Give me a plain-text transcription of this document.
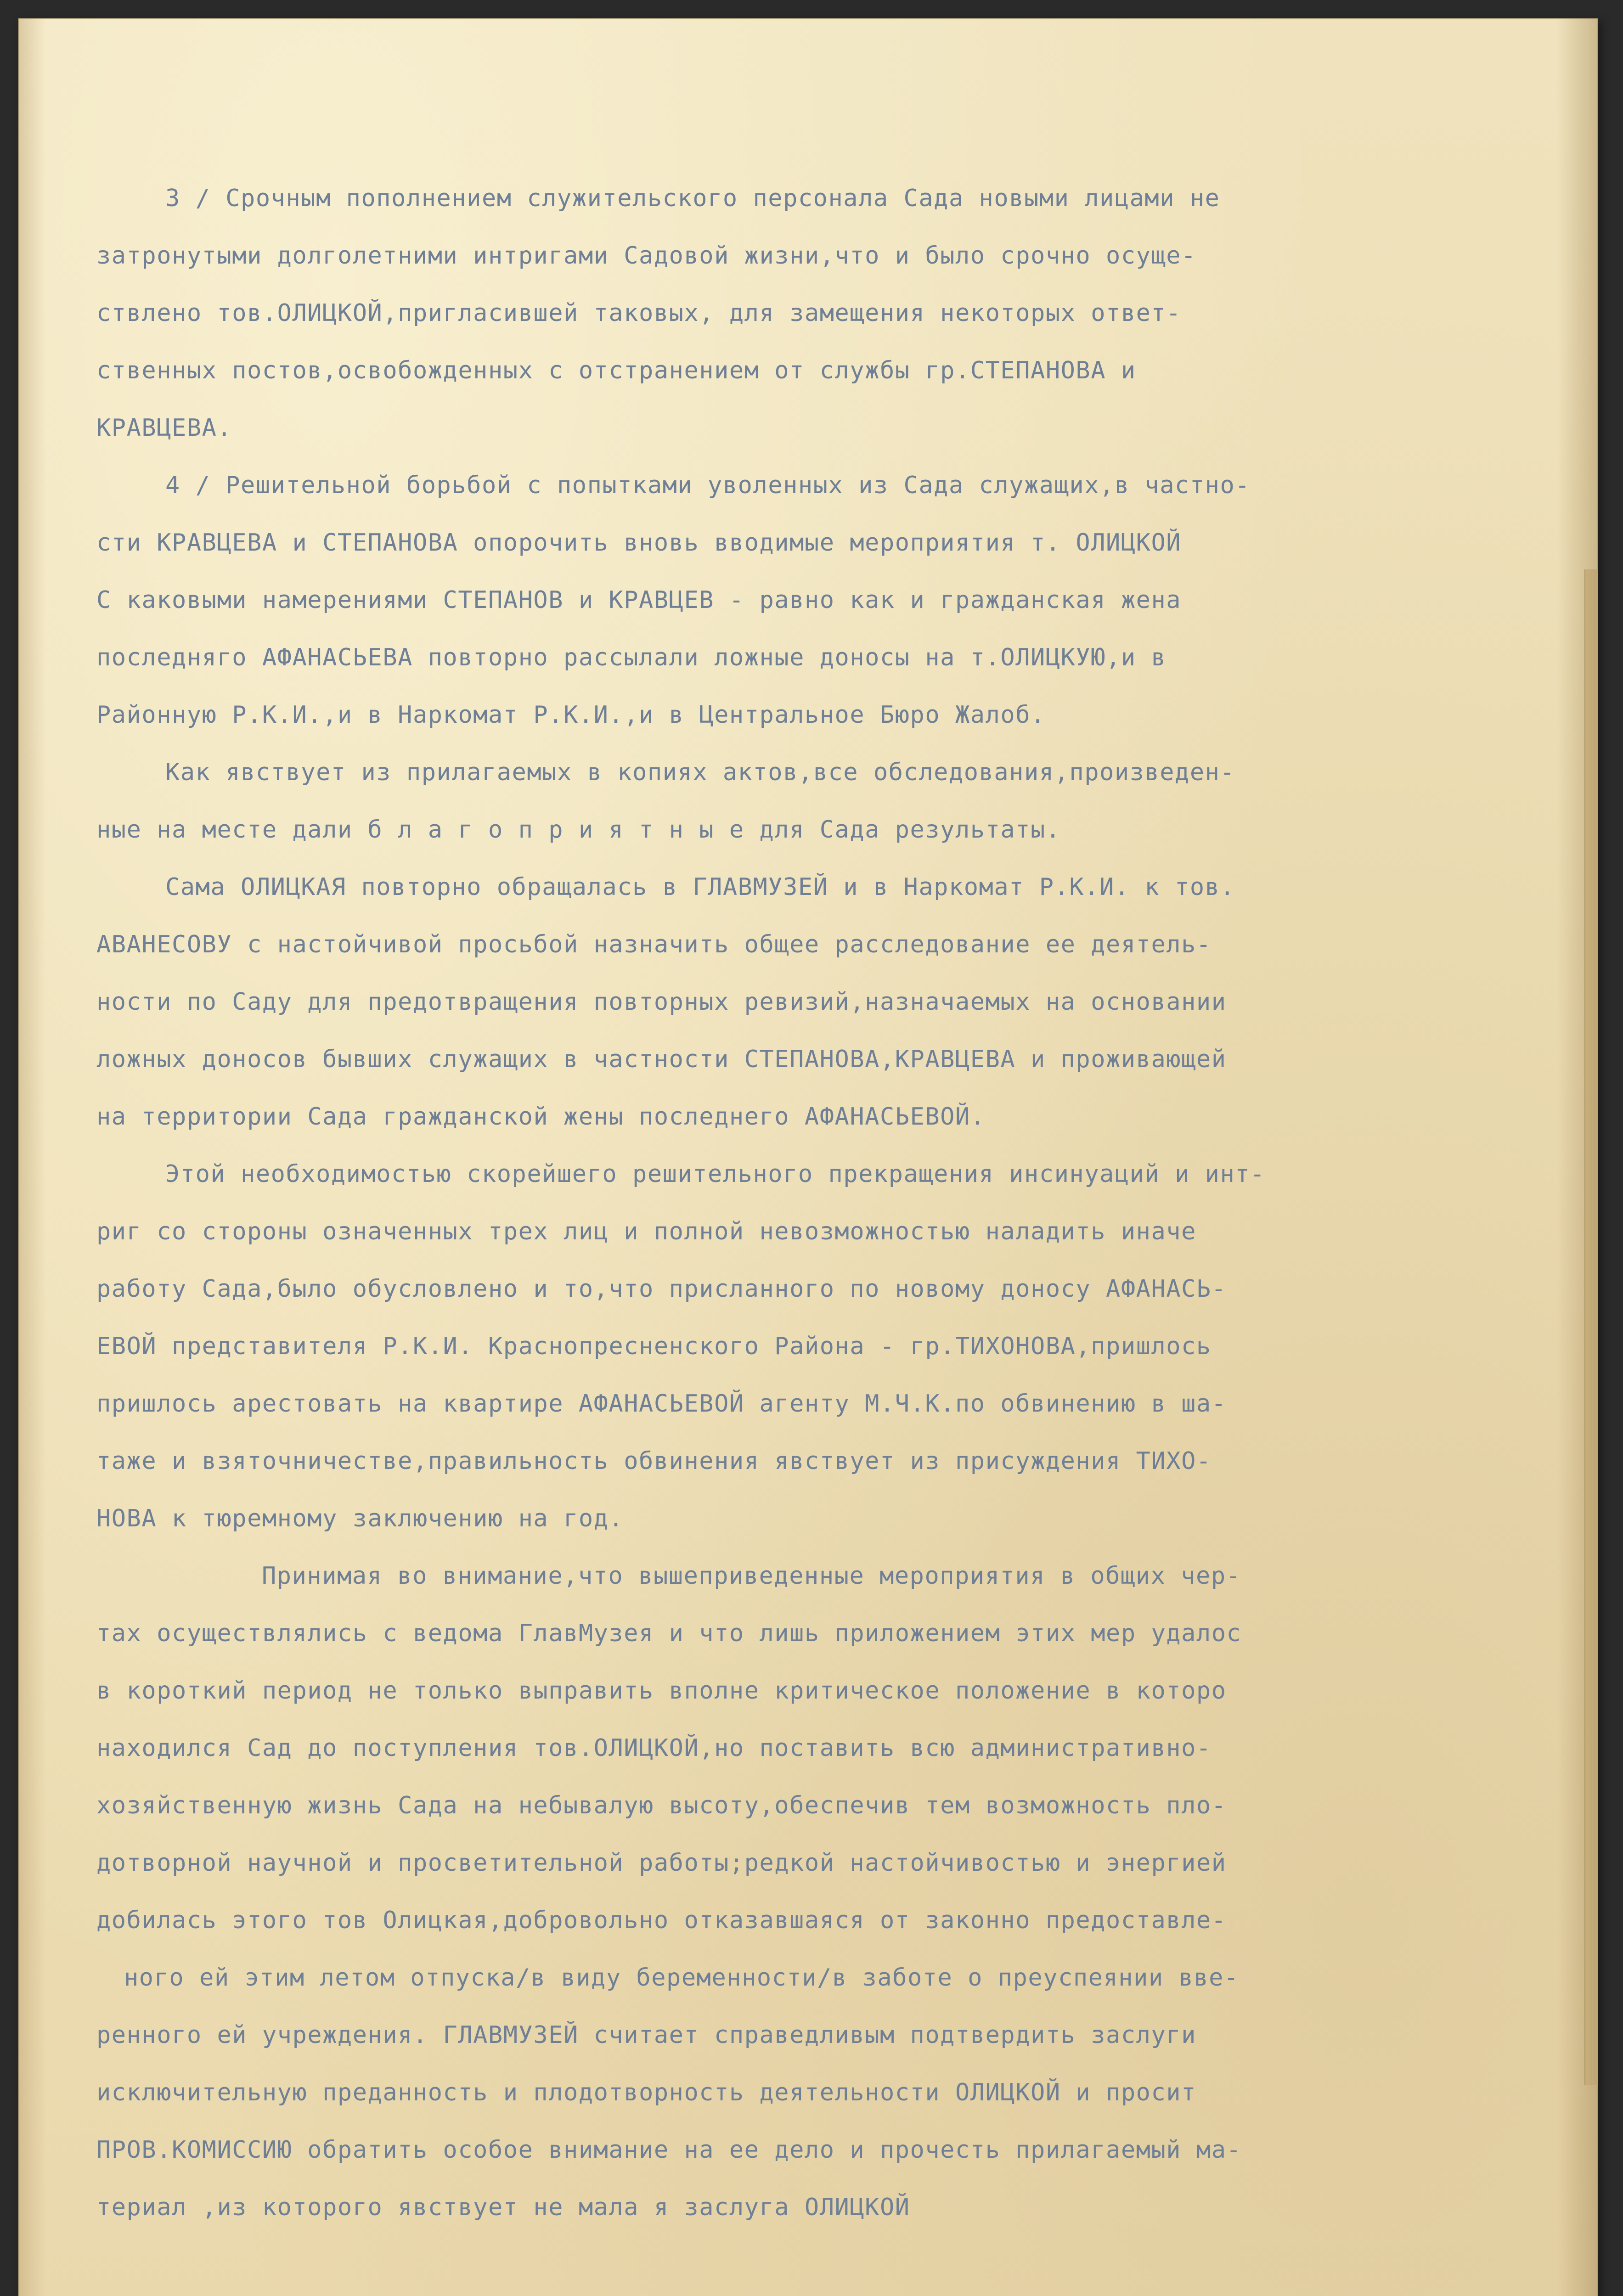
3 / Срочным пополнением служительского персонала Сада новыми лицами не
затронутыми долголетними интригами Садовой жизни,что и было срочно осуще-
ствлено тов.ОЛИЦКОЙ,пригласившей таковых, для замещения некоторых ответ-
ственных постов,освобожденных с отстранением от службы гр.СТЕПАНОВА и
КРАВЦЕВА.
4 / Решительной борьбой с попытками уволенных из Сада служащих,в частно-
сти КРАВЦЕВА и СТЕПАНОВА опорочить вновь вводимые мероприятия т. ОЛИЦКОЙ
С каковыми намерениями СТЕПАНОВ и КРАВЦЕВ - равно как и гражданская жена
последняго АФАНАСЬЕВА повторно рассылали ложные доносы на т.ОЛИЦКУЮ,и в
Районную Р.К.И.,и в Наркомат Р.К.И.,и в Центральное Бюро Жалоб.
Как явствует из прилагаемых в копиях актов,все обследования,произведен-
ные на месте дали б л а г о п р и я т н ы е для Сада результаты.
Сама ОЛИЦКАЯ повторно обращалась в ГЛАВМУЗЕЙ и в Наркомат Р.К.И. к тов.
АВАНЕСОВУ с настойчивой просьбой назначить общее расследование ее деятель-
ности по Саду для предотвращения повторных ревизий,назначаемых на основании
ложных доносов бывших служащих в частности СТЕПАНОВА,КРАВЦЕВА и проживающей
на территории Сада гражданской жены последнего АФАНАСЬЕВОЙ.
Этой необходимостью скорейшего решительного прекращения инсинуаций и инт-
риг со стороны означенных трех лиц и полной невозможностью наладить иначе
работу Сада,было обусловлено и то,что присланного по новому доносу АФАНАСЬ-
ЕВОЙ представителя Р.К.И. Краснопресненского Района - гр.ТИХОНОВА,пришлось
пришлось арестовать на квартире АФАНАСЬЕВОЙ агенту М.Ч.К.по обвинению в ша-
таже и взяточничестве,правильность обвинения явствует из присуждения ТИХО-
НОВА к тюремному заключению на год.
Принимая во внимание,что вышеприведенные мероприятия в общих чер-
тах осуществлялись с ведома ГлавМузея и что лишь приложением этих мер удалос
в короткий период не только выправить вполне критическое положение в которо
находился Сад до поступления тов.ОЛИЦКОЙ,но поставить всю административно-
хозяйственную жизнь Сада на небывалую высоту,обеспечив тем возможность пло-
дотворной научной и просветительной работы;редкой настойчивостью и энергией
добилась этого тов Олицкая,добровольно отказавшаяся от законно предоставле-
ного ей этим летом отпуска/в виду беременности/в заботе о преуспеянии вве-
ренного ей учреждения. ГЛАВМУЗЕЙ считает справедливым подтвердить заслуги
исключительную преданность и плодотворность деятельности ОЛИЦКОЙ и просит
ПРОВ.КОМИССИЮ обратить особое внимание на ее дело и прочесть прилагаемый ма-
териал ,из которого явствует не мала я заслуга ОЛИЦКОЙ
